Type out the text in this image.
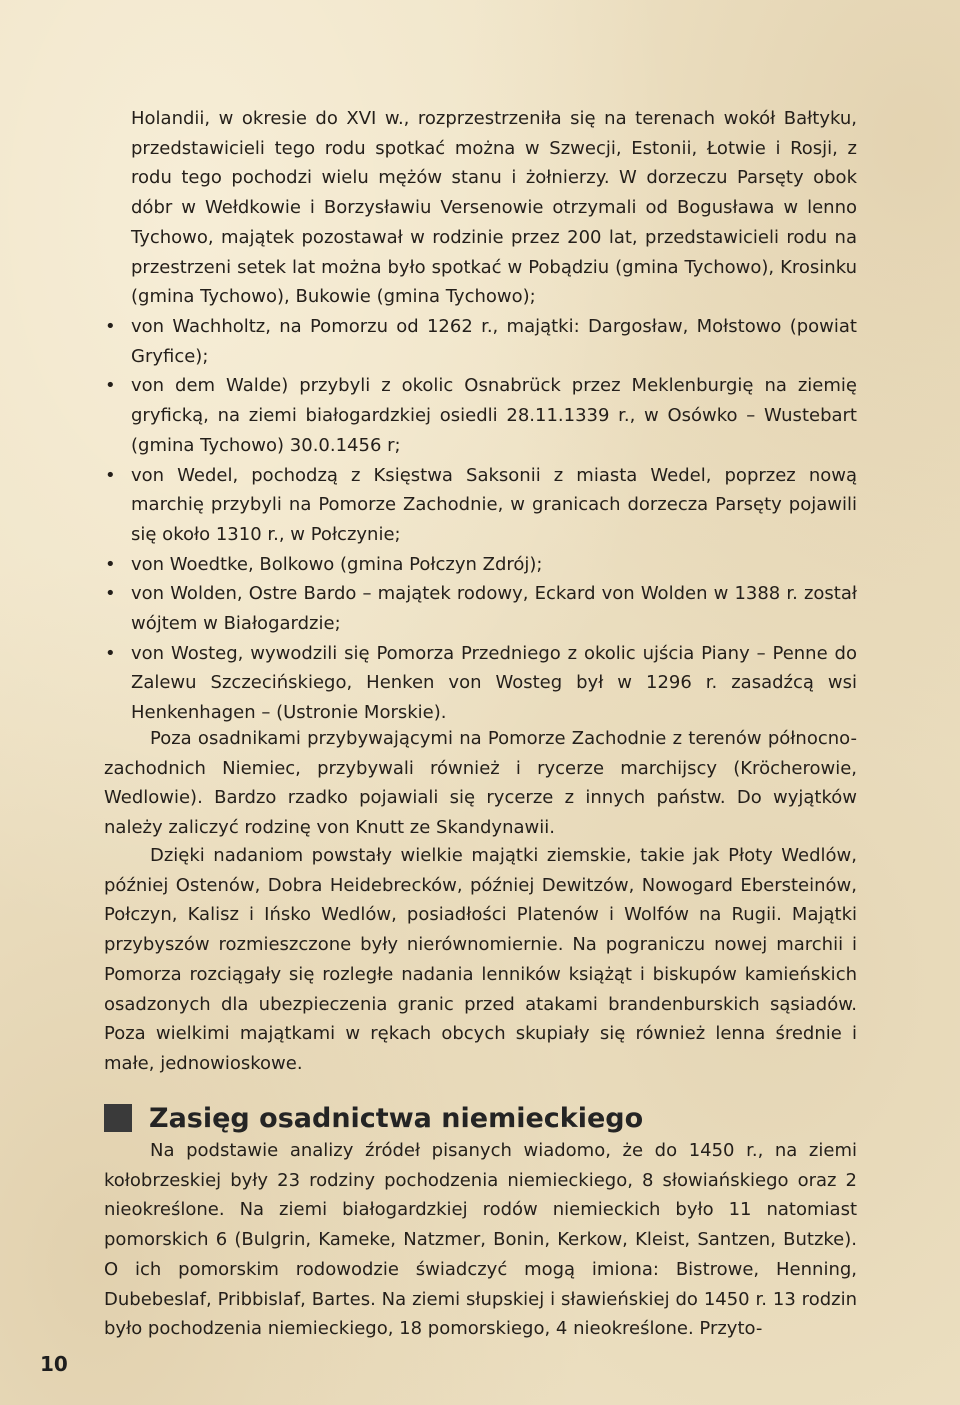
Holandii, w okresie do XVI w., rozprzestrzeniła się na terenach wokół Bałtyku, przedstawicieli tego rodu spotkać można w Szwecji, Estonii, Łotwie i Rosji, z rodu tego pochodzi wielu mężów stanu i żołnierzy. W dorzeczu Parsęty obok dóbr w Wełdkowie i Borzysławiu Versenowie otrzymali od Bogusława w lenno Tychowo, majątek pozostawał w rodzinie przez 200 lat, przedstawicieli rodu na przestrzeni setek lat można było spotkać w Pobądziu (gmina Tychowo), Krosinku (gmina Tychowo), Bukowie (gmina Tychowo);

• von Wachholtz, na Pomorzu od 1262 r., majątki: Dargosław, Mołstowo (powiat Gryfice);
• von dem Walde) przybyli z okolic Osnabrück przez Meklenburgię na ziemię gryficką, na ziemi białogardzkiej osiedli 28.11.1339 r., w Osówko – Wustebart (gmina Tychowo) 30.0.1456 r;
• von Wedel, pochodzą z Księstwa Saksonii z miasta Wedel, poprzez nową marchię przybyli na Pomorze Zachodnie, w granicach dorzecza Parsęty pojawili się około 1310 r., w Połczynie;
• von Woedtke, Bolkowo (gmina Połczyn Zdrój);
• von Wolden, Ostre Bardo – majątek rodowy, Eckard von Wolden w 1388 r. został wójtem w Białogardzie;
• von Wosteg, wywodzili się Pomorza Przedniego z okolic ujścia Piany – Penne do Zalewu Szczecińskiego, Henken von Wosteg był w 1296 r. zasadźcą wsi Henkenhagen – (Ustronie Morskie).

Poza osadnikami przybywającymi na Pomorze Zachodnie z terenów północno-zachodnich Niemiec, przybywali również i rycerze marchijscy (Kröcherowie, Wedlowie). Bardzo rzadko pojawiali się rycerze z innych państw. Do wyjątków należy zaliczyć rodzinę von Knutt ze Skandynawii.

Dzięki nadaniom powstały wielkie majątki ziemskie, takie jak Płoty Wedlów, później Ostenów, Dobra Heidebrecków, później Dewitzów, Nowogard Ebersteinów, Połczyn, Kalisz i Ińsko Wedlów, posiadłości Platenów i Wolfów na Rugii. Majątki przybyszów rozmieszczone były nierównomiernie. Na pograniczu nowej marchii i Pomorza rozciągały się rozległe nadania lenników książąt i biskupów kamieńskich osadzonych dla ubezpieczenia granic przed atakami brandenburskich sąsiadów. Poza wielkimi majątkami w rękach obcych skupiały się również lenna średnie i małe, jednowioskowe.

Zasięg osadnictwa niemieckiego

Na podstawie analizy źródeł pisanych wiadomo, że do 1450 r., na ziemi kołobrzeskiej były 23 rodziny pochodzenia niemieckiego, 8 słowiańskiego oraz 2 nieokreślone. Na ziemi białogardzkiej rodów niemieckich było 11 natomiast pomorskich 6 (Bulgrin, Kameke, Natzmer, Bonin, Kerkow, Kleist, Santzen, Butzke). O ich pomorskim rodowodzie świadczyć mogą imiona: Bistrowe, Henning, Dubebeslaf, Pribbislaf, Bartes. Na ziemi słupskiej i sławieńskiej do 1450 r. 13 rodzin było pochodzenia niemieckiego, 18 pomorskiego, 4 nieokreślone. Przyto-

10
